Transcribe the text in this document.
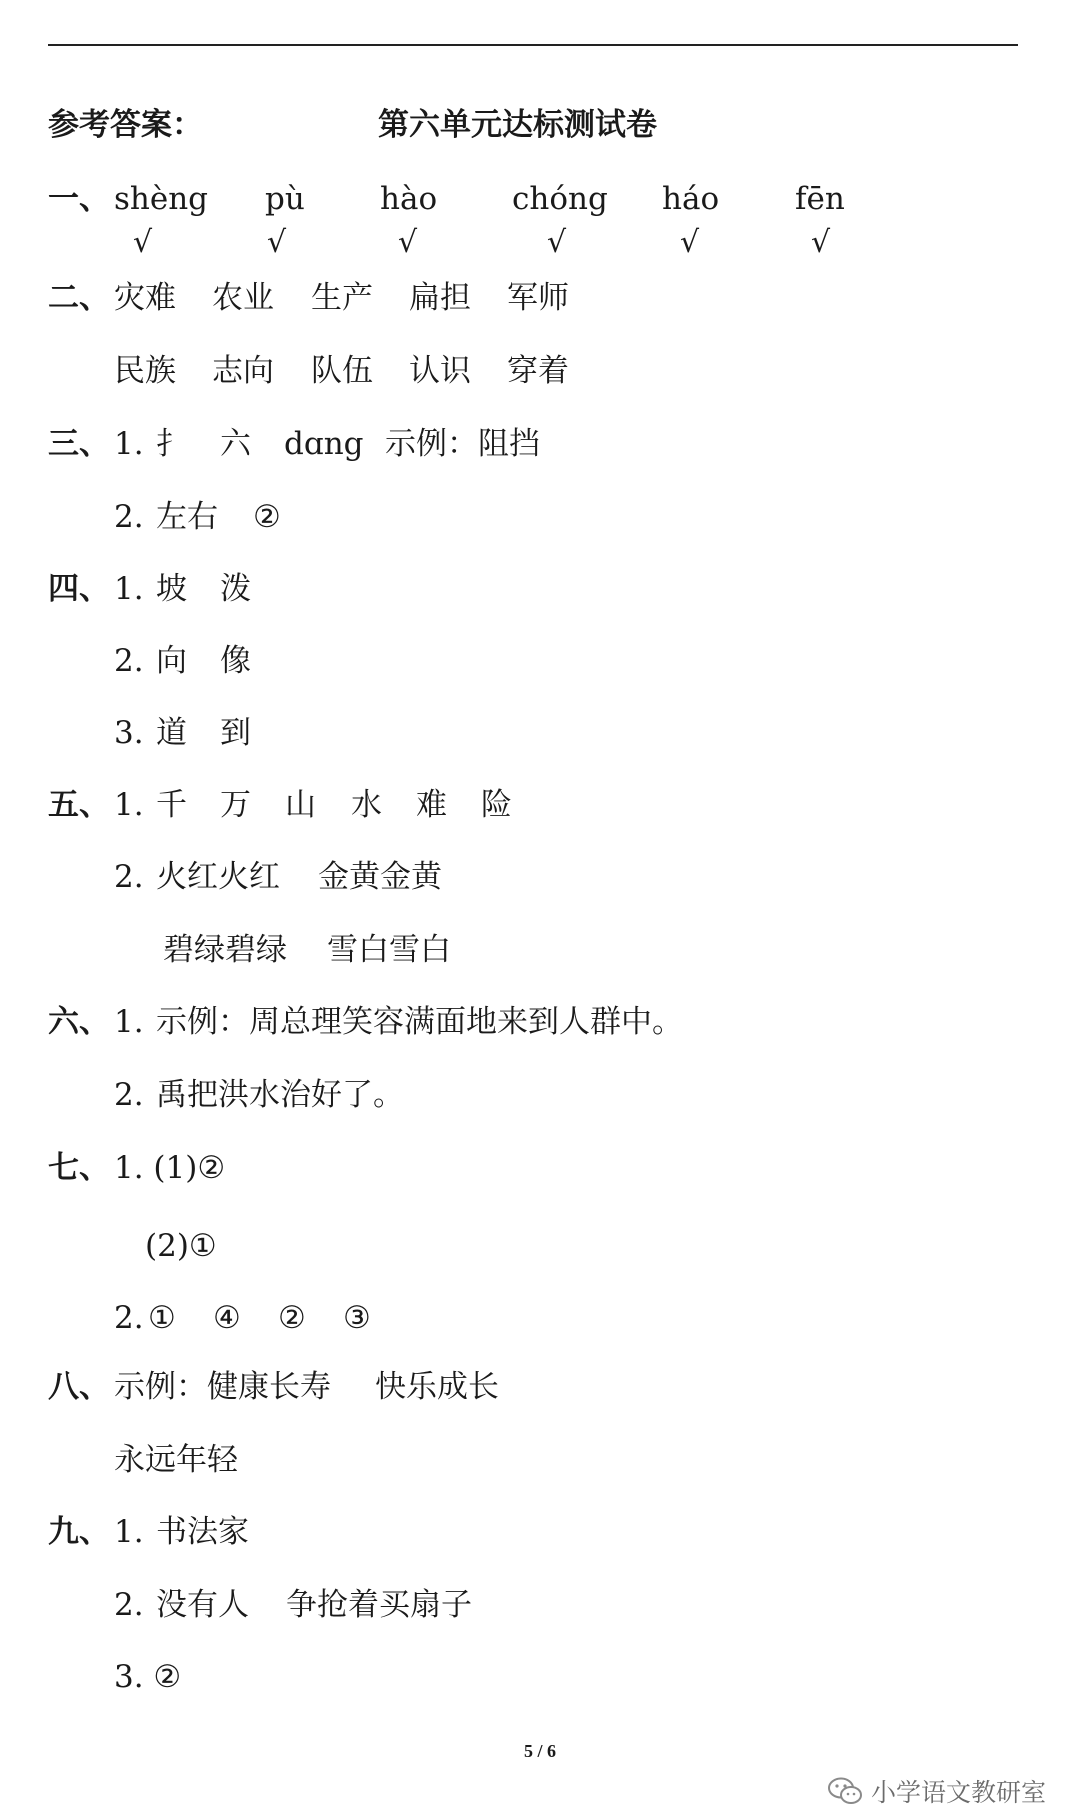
参考答案：	第六单元达标测试卷
一、 shèng pù hào chóng háo fēn
√	√	√	√	√	√
二、 灾难 农业 生产 扁担 军师
民族 志向 队伍 认识 穿着
三、 1. 扌 六 dɑng 示例：阻挡
2. 左右 ②
四、 1. 坡 泼
2. 向 像
3. 道 到
五、 1. 千 万 山 水 难 险
2. 火红火红 金黄金黄
碧绿碧绿 雪白雪白
六、 1. 示例：周总理笑容满面地来到人群中。
2. 禹把洪水治好了。
七、 1. (1)②
(2)①
2. ① ④ ② ③
八、 示例：健康长寿 快乐成长
永远年轻
九、 1. 书法家
2. 没有人 争抢着买扇子
3. ②
5 / 6
小学语文教研室
